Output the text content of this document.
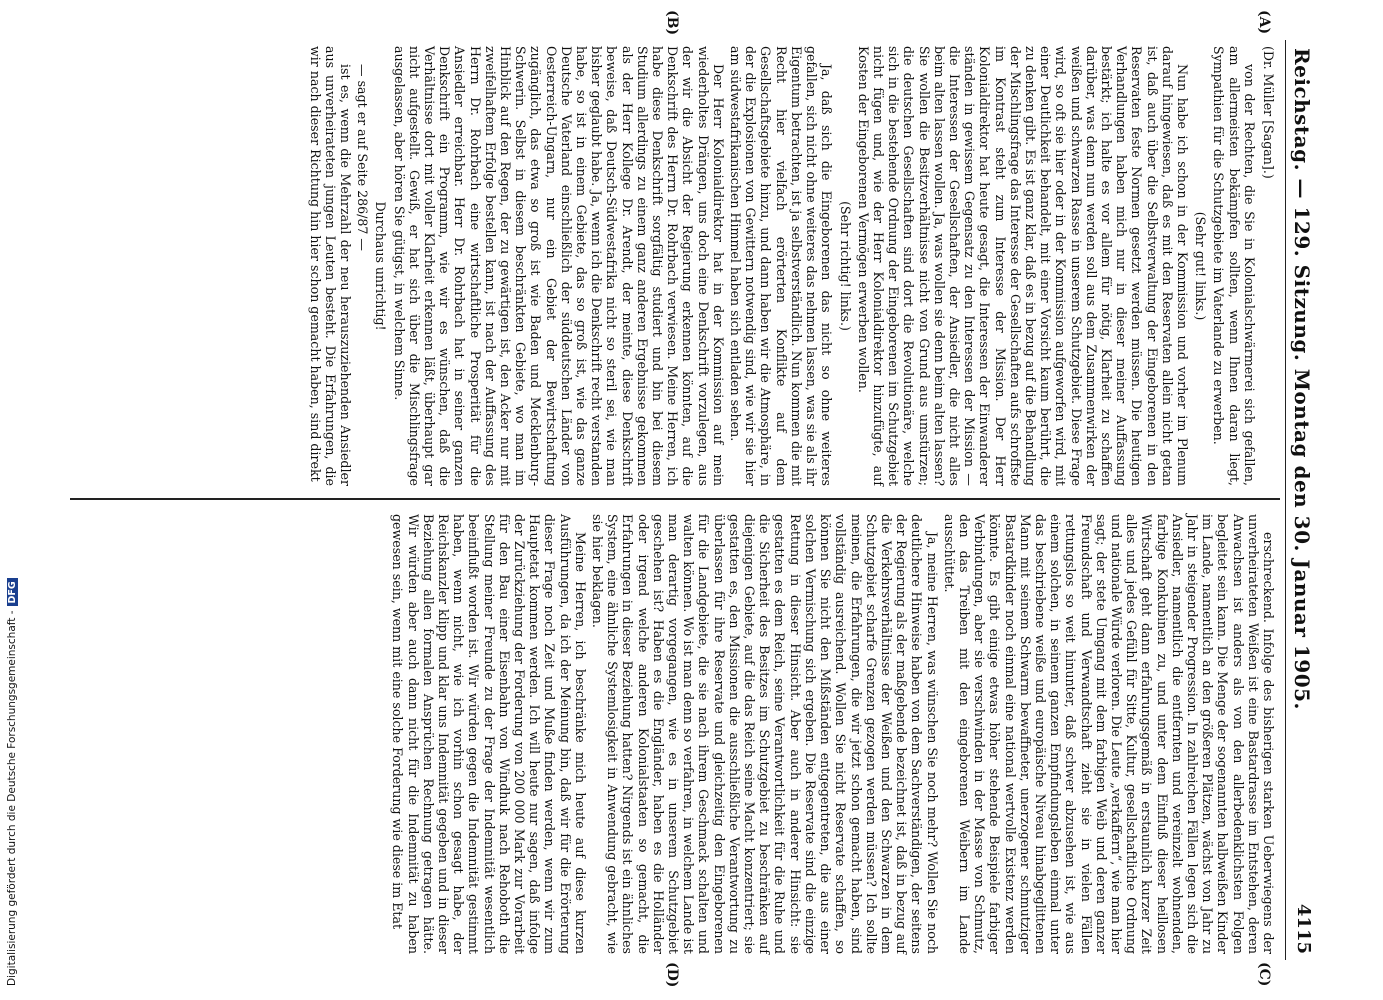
Reichstag. — 129. Sitzung. Montag den 30. Januar 1905.
4115
(A)
(B)
(C)
(D)
(Dr. Müller [Sagan].)

von der Rechten, die Sie in Kolonialschwärmerei sich gefallen, am allermeisten bekämpfen sollten, wenn Ihnen daran liegt, Sympathien für die Schutzgebiete im Vaterlande zu erwerben.

(Sehr gut! links.)

Nun habe ich schon in der Kommission und vorher im Plenum darauf hingewiesen, daß es mit den Reservaten allein nicht getan ist, daß auch über die Selbstverwaltung der Eingeborenen in den Reservaten feste Normen gesetzt werden müssen. Die heutigen Verhandlungen haben mich nur in dieser meiner Auffassung bestärkt; ich halte es vor allem für nötig, Klarheit zu schaffen darüber, was denn nun werden soll aus dem Zusammenwirken der weißen und schwarzen Rasse in unserem Schutzgebiet. Diese Frage wird, so oft sie hier oder in der Kommission aufgeworfen wird, mit einer Deutlichkeit behandelt, mit einer Vorsicht kaum berührt, die zu denken gibt. Es ist ganz klar, daß es in bezug auf die Behandlung der Mischlingsfrage das Interesse der Gesellschaften aufs schroffste im Kontrast steht zum Interesse der Mission. Der Herr Kolonialdirektor hat heute gesagt, die Interessen der Einwanderer ständen in gewissem Gegensatz zu den Interessen der Mission — die Interessen der Gesellschaften, der Ansiedler, die nicht alles beim alten lassen wollen. Ja, was wollen sie denn beim alten lassen? Sie wollen die Besitzverhältnisse nicht von Grund aus umstürzen; die deutschen Gesellschaften sind dort die Revolutionäre, welche sich in die bestehende Ordnung der Eingeborenen im Schutzgebiet nicht fügen und, wie der Herr Kolonialdirektor hinzufügte, auf Kosten der Eingeborenen Vermögen erwerben wollen.

(Sehr richtig! links.)

Ja, daß sich die Eingeborenen das nicht so ohne weiteres gefallen, sich nicht ohne weiteres das nehmen lassen, was sie als ihr Eigentum betrachten, ist ja selbstverständlich. Nun kommen die mit Recht hier vielfach erörterten Konflikte auf dem Gesellschaftsgebiete hinzu, und dann haben wir die Atmosphäre, in der die Explosionen von Gewittern notwendig sind, wie wir sie hier am südwestafrikanischen Himmel haben sich entladen sehen.

Der Herr Kolonialdirektor hat in der Kommission auf mein wiederholtes Drängen, uns doch eine Denkschrift vorzulegen, aus der wir die Absicht der Regierung erkennen könnten, auf die Denkschrift des Herrn Dr. Rohrbach verwiesen. Meine Herren, ich habe diese Denkschrift sorgfältig studiert und bin bei diesem Studium allerdings zu einem ganz anderen Ergebnisse gekommen als der Herr Kollege Dr. Arendt, der meinte, diese Denkschrift beweise, daß Deutsch-Südwestafrika nicht so steril sei, wie man bisher geglaubt habe. Ja, wenn ich die Denkschrift recht verstanden habe, so ist in einem Gebiete, das so groß ist, wie das ganze Deutsche Vaterland einschließlich der süddeutschen Länder von Oesterreich-Ungarn, nur ein Gebiet der Bewirtschaftung zugänglich, das etwa so groß ist wie Baden und Mecklenburg-Schwerin. Selbst in diesem beschränkten Gebiete, wo man im Hinblick auf den Regen, der zu gewärtigen ist, den Acker nur mit zweifelhaftem Erfolge bestellen kann, ist nach der Auffassung des Herrn Dr. Rohrbach eine wirtschaftliche Prosperität für die Ansiedler erreichbar. Herr Dr. Rohrbach hat in seiner ganzen Denkschrift ein Programm, wie wir es wünschen, daß die Verhältnisse dort mit voller Klarheit erkennen läßt, überhaupt gar nicht aufgestellt. Gewiß, er hat sich über die Mischlingsfrage ausgelassen, aber hören Sie gütigst, in welchem Sinne.

Durchaus unrichtig!

— sagt er auf Seite 286/87 —

ist es, wenn die Mehrzahl der neu herauszuziehenden Ansiedler aus unverheirateten jungen Leuten besteht. Die Erfahrungen, die wir nach dieser Richtung hin hier schon gemacht haben, sind direkt

erschreckend. Infolge des bisherigen starken Ueberwiegens der unverheirateten Weißen ist eine Bastardrasse im Entstehen, deren Anwachsen ist anders als von den allerbedenklichsten Folgen begleitet sein kann. Die Menge der sogenannten halbweißen Kinder im Lande, namentlich an den größeren Plätzen, wächst von Jahr zu Jahr in steigender Progression. In zahlreichen Fällen legen sich die Ansiedler, namentlich die entfernten und vereinzelt wohnenden, farbige Konkubinen zu, und unter dem Einfluß dieser heillosen Wirtschaft geht dann erfahrungsgemäß in erstaunlich kurzer Zeit alles und jedes Gefühl für Sitte, Kultur, gesellschaftliche Ordnung und nationale Würde verloren. Die Leute „verkaffern“, wie man hier sagt; der stete Umgang mit dem farbigen Weib und deren ganzer Freundschaft und Verwandtschaft zieht sie in vielen Fällen rettungslos so weit hinunter, daß schwer abzusehen ist, wie aus einem solchen, in seinem ganzen Empfindungsleben einmal unter das beschriebene weiße und europäische Niveau hinabgeglittenen Mann mit seinem Schwarm bewaffneter, unerzogener schmutziger Bastardkinder noch einmal eine national wertvolle Existenz werden könnte. Es gibt einige etwas höher stehende Beispiele farbiger Verbindungen, aber sie verschwinden in der Masse von Schmutz, den das Treiben mit den eingeborenen Weibern im Lande ausschüttet.

Ja, meine Herren, was wünschen Sie noch mehr? Wollen Sie noch deutlichere Hinweise haben von dem Sachverständigen, der seitens der Regierung als der maßgebende bezeichnet ist, daß in bezug auf die Verkehrsverhältnisse der Weißen und den Schwarzen in dem Schutzgebiet scharfe Grenzen gezogen werden müssen? Ich sollte meinen, die Erfahrungen, die wir jetzt schon gemacht haben, sind vollständig ausreichend. Wollen Sie nicht Reservate schaffen, so können Sie nicht den Mißständen entgegentreten, die aus einer solchen Vermischung sich ergeben. Die Reservate sind die einzige Rettung in dieser Hinsicht. Aber auch in anderer Hinsicht: sie gestatten es dem Reich, seine Verantwortlichkeit für die Ruhe und die Sicherheit des Besitzes im Schutzgebiet zu beschränken auf diejenigen Gebiete, auf die das Reich seine Macht konzentriert; sie gestatten es, den Missionen die ausschließliche Verantwortung zu überlassen für ihre Reservate und gleichzeitig den Eingeborenen für die Landgebiete, die sie nach ihrem Geschmack schalten und walten können. Wo ist man denn so verfahren, in welchem Lande ist man derartig vorgegangen, wie es in unserem Schutzgebiet geschehen ist? Haben es die Engländer, haben es die Holländer oder irgend welche anderen Kolonialstaaten so gemacht, die Erfahrungen in dieser Beziehung hatten? Nirgends ist ein ähnliches System, eine ähnliche Systemlosigkeit in Anwendung gebracht, wie sie hier beklagen.

Meine Herren, ich beschränke mich heute auf diese kurzen Ausführungen, da ich der Meinung bin, daß wir für die Erörterung dieser Frage noch Zeit und Muße finden werden, wenn wir zum Hauptetat kommen werden. Ich will heute nur sagen, daß infolge der Zurückziehung der Forderung von 200 000 Mark zur Vorarbeit für den Bau einer Eisenbahn von Windhuk nach Rehoboth die Stellung meiner Freunde zu der Frage der Indemnität wesentlich beeinflußt worden ist. Wir würden gegen die Indemnität gestimmt haben, wenn nicht, wie ich vorhin schon gesagt habe, der Reichskanzler klipp und klar uns Indemnität gegeben und in dieser Beziehung allen formalen Ansprüchen Rechnung getragen hätte. Wir würden aber auch dann nicht für die Indemnität zu haben gewesen sein, wenn mit eine solche Forderung wie diese im Etat

Digitalisierung gefördert durch die Deutsche Forschungsgemeinschaft -DFG
